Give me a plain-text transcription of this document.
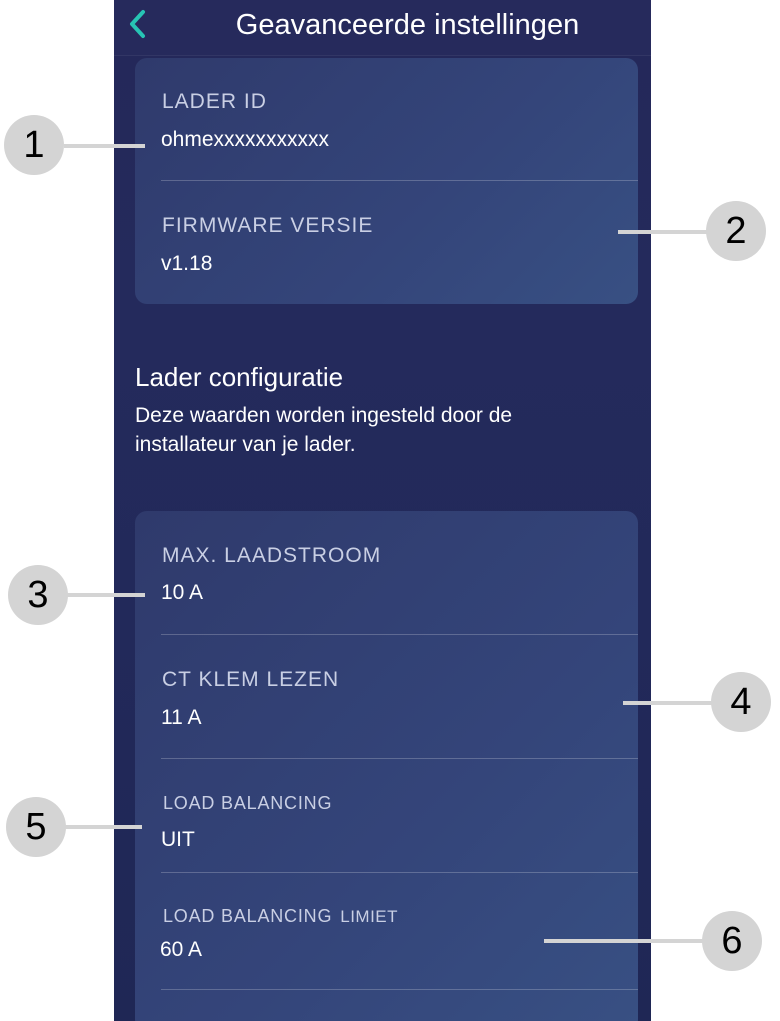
Geavanceerde instellingen
LADER ID
ohmexxxxxxxxxxx
FIRMWARE VERSIE
v1.18
Lader configuratie
Deze waarden worden ingesteld door de installateur van je lader.
MAX. LAADSTROOM
10 A
CT KLEM LEZEN
11 A
LOAD BALANCING
UIT
LOAD BALANCING LIMIET
60 A
1
2
3
4
5
6
